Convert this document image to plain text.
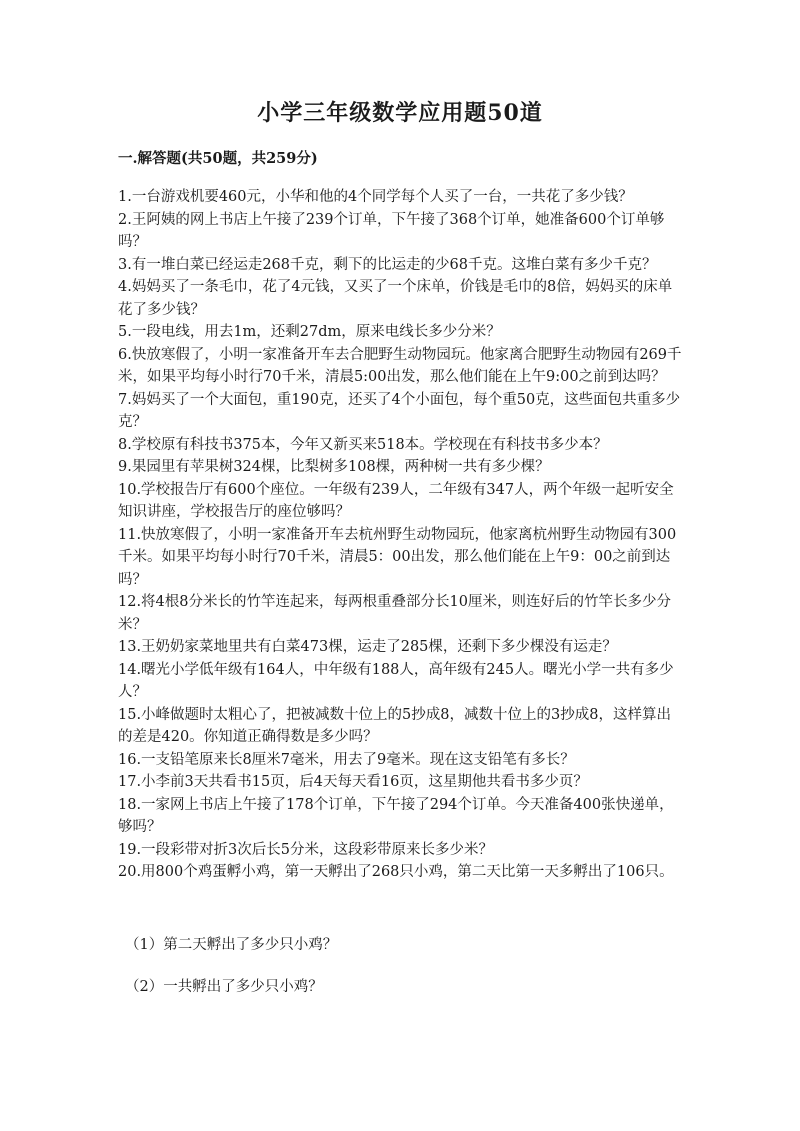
小学三年级数学应用题50道
一.解答题(共50题，共259分)
1.一台游戏机要460元，小华和他的4个同学每个人买了一台，一共花了多少钱？
2.王阿姨的网上书店上午接了239个订单，下午接了368个订单，她准备600个订单够吗？
3.有一堆白菜已经运走268千克，剩下的比运走的少68千克。这堆白菜有多少千克？
4.妈妈买了一条毛巾，花了4元钱，又买了一个床单，价钱是毛巾的8倍，妈妈买的床单花了多少钱？
5.一段电线，用去1m，还剩27dm，原来电线长多少分米？
6.快放寒假了，小明一家准备开车去合肥野生动物园玩。他家离合肥野生动物园有269千米，如果平均每小时行70千米，清晨5:00出发，那么他们能在上午9:00之前到达吗？
7.妈妈买了一个大面包，重190克，还买了4个小面包，每个重50克，这些面包共重多少克？
8.学校原有科技书375本，今年又新买来518本。学校现在有科技书多少本？
9.果园里有苹果树324棵，比梨树多108棵，两种树一共有多少棵？
10.学校报告厅有600个座位。一年级有239人，二年级有347人，两个年级一起听安全知识讲座，学校报告厅的座位够吗？
11.快放寒假了，小明一家准备开车去杭州野生动物园玩，他家离杭州野生动物园有300千米。如果平均每小时行70千米，清晨5：00出发，那么他们能在上午9：00之前到达吗？
12.将4根8分米长的竹竿连起来，每两根重叠部分长10厘米，则连好后的竹竿长多少分米？
13.王奶奶家菜地里共有白菜473棵，运走了285棵，还剩下多少棵没有运走？
14.曙光小学低年级有164人，中年级有188人，高年级有245人。曙光小学一共有多少人？
15.小峰做题时太粗心了，把被减数十位上的5抄成8，减数十位上的3抄成8，这样算出的差是420。你知道正确得数是多少吗？
16.一支铅笔原来长8厘米7毫米，用去了9毫米。现在这支铅笔有多长？
17.小李前3天共看书15页，后4天每天看16页，这星期他共看书多少页？
18.一家网上书店上午接了178个订单，下午接了294个订单。今天准备400张快递单，够吗？
19.一段彩带对折3次后长5分米，这段彩带原来长多少米？
20.用800个鸡蛋孵小鸡，第一天孵出了268只小鸡，第二天比第一天多孵出了106只。
（1）第二天孵出了多少只小鸡？
（2）一共孵出了多少只小鸡？
